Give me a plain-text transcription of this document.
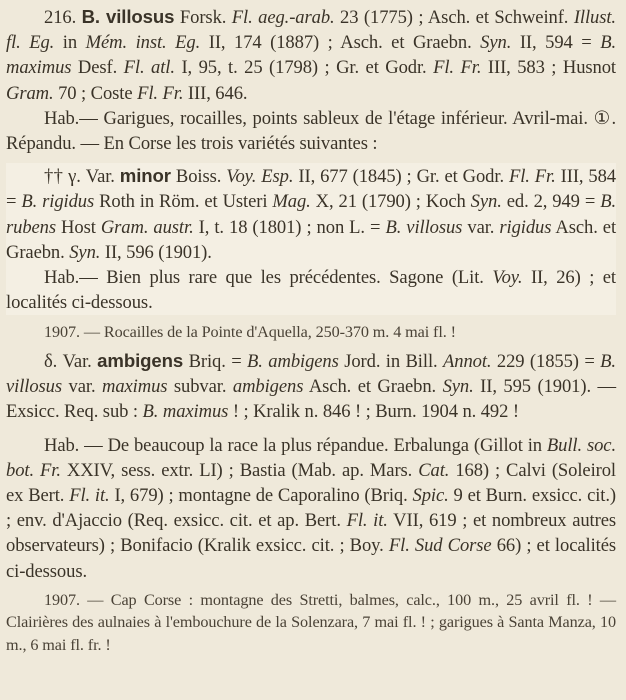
216. B. villosus Forsk. Fl. aeg.-arab. 23 (1775) ; Asch. et Schweinf. Illust. fl. Eg. in Mém. inst. Eg. II, 174 (1887) ; Asch. et Graebn. Syn. II, 594 = B. maximus Desf. Fl. atl. I, 95, t. 25 (1798) ; Gr. et Godr. Fl. Fr. III, 583 ; Husnot Gram. 70 ; Coste Fl. Fr. III, 646.

Hab.— Garigues, rocailles, points sableux de l'étage inférieur. Avril-mai. ①. Répandu. — En Corse les trois variétés suivantes :

†† γ. Var. minor Boiss. Voy. Esp. II, 677 (1845) ; Gr. et Godr. Fl. Fr. III, 584 = B. rigidus Roth in Röm. et Usteri Mag. X, 21 (1790) ; Koch Syn. ed. 2, 949 = B. rubens Host Gram. austr. I, t. 18 (1801) ; non L. = B. villosus var. rigidus Asch. et Graebn. Syn. II, 596 (1901).

Hab.— Bien plus rare que les précédentes. Sagone (Lit. Voy. II, 26) ; et localités ci-dessous.

1907. — Rocailles de la Pointe d'Aquella, 250-370 m. 4 mai fl. !

δ. Var. ambigens Briq. = B. ambigens Jord. in Bill. Annot. 229 (1855) = B. villosus var. maximus subvar. ambigens Asch. et Graebn. Syn. II, 595 (1901). — Exsicc. Req. sub : B. maximus ! ; Kralik n. 846 ! ; Burn. 1904 n. 492 !

Hab. — De beaucoup la race la plus répandue. Erbalunga (Gillot in Bull. soc. bot. Fr. XXIV, sess. extr. LI) ; Bastia (Mab. ap. Mars. Cat. 168) ; Calvi (Soleirol ex Bert. Fl. it. I, 679) ; montagne de Caporalino (Briq. Spic. 9 et Burn. exsicc. cit.) ; env. d'Ajaccio (Req. exsicc. cit. et ap. Bert. Fl. it. VII, 619 ; et nombreux autres observateurs) ; Bonifacio (Kralik exsicc. cit. ; Boy. Fl. Sud Corse 66) ; et localités ci-dessous.

1907. — Cap Corse : montagne des Stretti, balmes, calc., 100 m., 25 avril fl. ! — Clairières des aulnaies à l'embouchure de la Solenzara, 7 mai fl. ! ; garigues à Santa Manza, 10 m., 6 mai fl. fr. !
